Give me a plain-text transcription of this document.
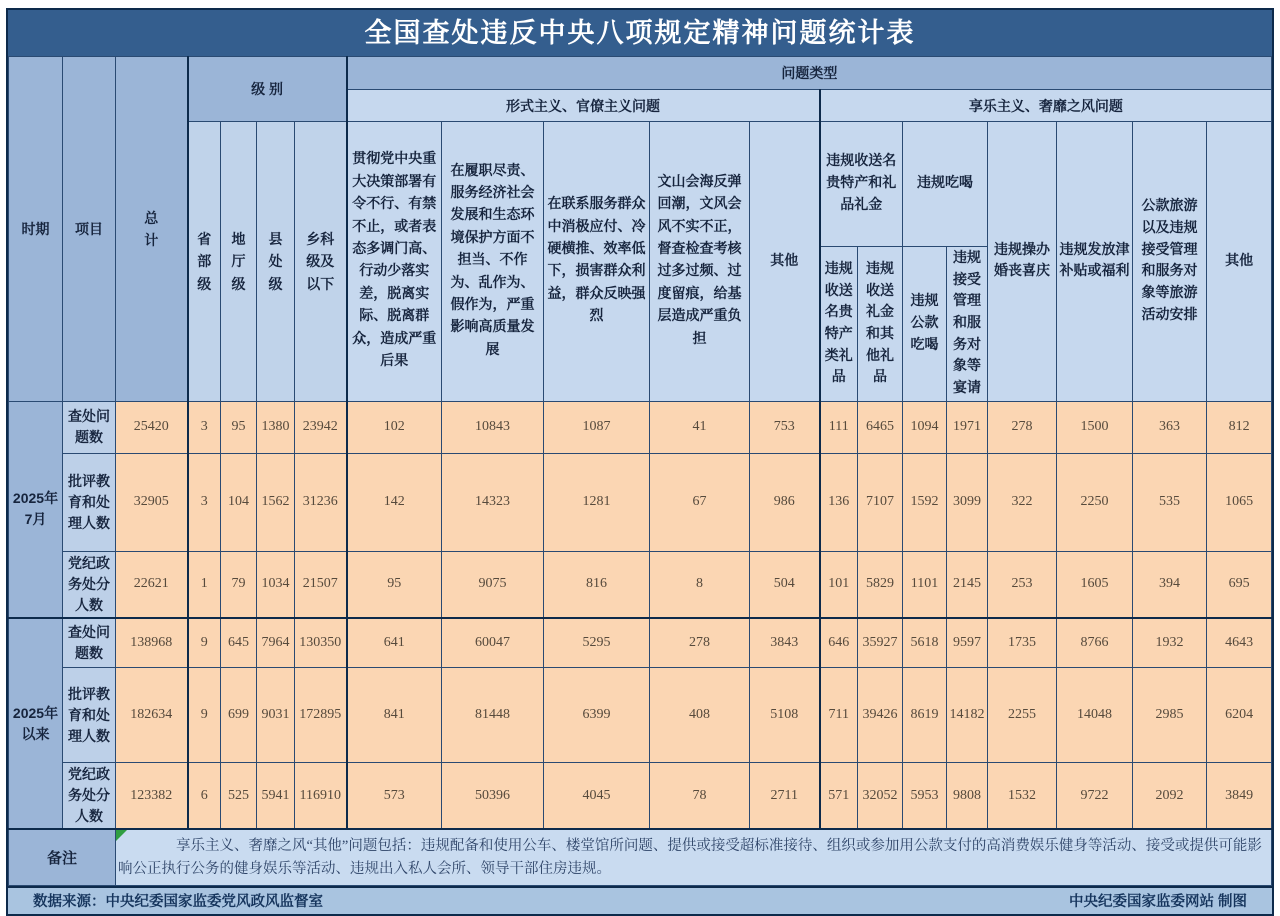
全国查处违反中央八项规定精神问题统计表
时期	项目	总计	级 别				问题类型												
							形式主义、官僚主义问题					享乐主义、奢靡之风问题							

			省部级	地厅级	县处级	乡科级及以下	贯彻党中央重大决策部署有令不行、有禁不止，或者表态多调门高、行动少落实差，脱离实际、脱离群众，造成严重后果	在履职尽责、服务经济社会发展和生态环境保护方面不担当、不作为、乱作为、假作为，严重影响高质量发展	在联系服务群众中消极应付、冷硬横推、效率低下，损害群众利益，群众反映强烈	文山会海反弹回潮，文风会风不实不正，督查检查考核过多过频、过度留痕，给基层造成严重负担	其他	违规收送名贵特产和礼品礼金		违规吃喝		违规操办婚丧喜庆	违规发放津补贴或福利	公款旅游以及违规接受管理和服务对象等旅游活动安排	其他
												违规收送名贵特产类礼品	违规收送礼金和其他礼品	违规公款吃喝	违规接受管理和服务对象等宴请				
2025年7月	查处问题数	25420	3	95	1380	23942	102	10843	1087	41	753	111	6465	1094	1971	278	1500	363	812
	批评教育和处理人数	32905	3	104	1562	31236	142	14323	1281	67	986	136	7107	1592	3099	322	2250	535	1065
	党纪政务处分人数	22621	1	79	1034	21507	95	9075	816	8	504	101	5829	1101	2145	253	1605	394	695
2025年以来	查处问题数	138968	9	645	7964	130350	641	60047	5295	278	3843	646	35927	5618	9597	1735	8766	1932	4643
	批评教育和处理人数	182634	9	699	9031	172895	841	81448	6399	408	5108	711	39426	8619	14182	2255	14048	2985	6204
	党纪政务处分人数	123382	6	525	5941	116910	573	50396	4045	78	2711	571	32052	5953	9808	1532	9722	2092	3849
备注		享乐主义、奢靡之风“其他”问题包括：违规配备和使用公车、楼堂馆所问题、提供或接受超标准接待、组织或参加用公款支付的高消费娱乐健身等活动、接受或提供可能影响公正执行公务的健身娱乐等活动、违规出入私人会所、领导干部住房违规。																	

数据来源：中央纪委国家监委党风政风监督室	中央纪委国家监委网站 制图
